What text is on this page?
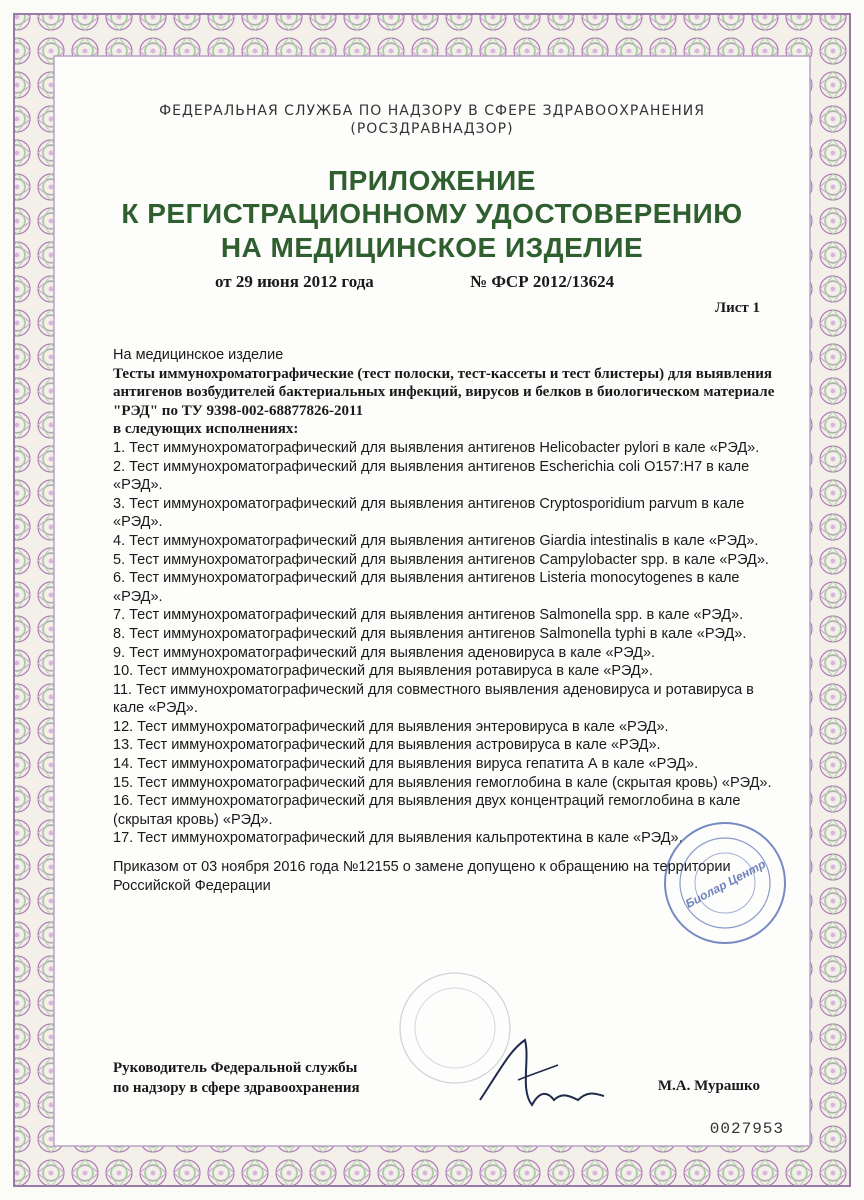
ФЕДЕРАЛЬНАЯ СЛУЖБА ПО НАДЗОРУ В СФЕРЕ ЗДРАВООХРАНЕНИЯ
(РОСЗДРАВНАДЗОР)
ПРИЛОЖЕНИЕ
К РЕГИСТРАЦИОННОМУ УДОСТОВЕРЕНИЮ
НА МЕДИЦИНСКОЕ ИЗДЕЛИЕ
от 29 июня 2012 года	№ ФСР 2012/13624
Лист 1

На медицинское изделие

Тесты иммунохроматографические (тест полоски, тест-кассеты и тест блистеры) для выявления антигенов возбудителей бактериальных инфекций, вирусов и белков в биологическом материале "РЭД" по ТУ 9398-002-68877826-2011

в следующих исполнениях:

1. Тест иммунохроматографический для выявления антигенов Helicobacter pylori в кале «РЭД».

2. Тест иммунохроматографический для выявления антигенов Escherichia coli O157:H7 в кале «РЭД».

3. Тест иммунохроматографический для выявления антигенов Cryptosporidium parvum в кале «РЭД».

4. Тест иммунохроматографический для выявления антигенов Giardia intestinalis в кале «РЭД».

5. Тест иммунохроматографический для выявления антигенов Campylobacter spp. в кале «РЭД».

6. Тест иммунохроматографический для выявления антигенов Listeria monocytogenes в кале «РЭД».

7. Тест иммунохроматографический для выявления антигенов Salmonella spp. в кале «РЭД».

8. Тест иммунохроматографический для выявления антигенов Salmonella typhi в кале «РЭД».

9. Тест иммунохроматографический для выявления аденовируса в кале «РЭД».

10. Тест иммунохроматографический для выявления ротавируса в кале «РЭД».

11. Тест иммунохроматографический для совместного выявления аденовируса и ротавируса в кале «РЭД».

12. Тест иммунохроматографический для выявления энтеровируса в кале «РЭД».

13. Тест иммунохроматографический для выявления астровируса в кале «РЭД».

14. Тест иммунохроматографический для выявления вируса гепатита А в кале «РЭД».

15. Тест иммунохроматографический для выявления гемоглобина в кале (скрытая кровь) «РЭД».

16. Тест иммунохроматографический для выявления двух концентраций гемоглобина в кале (скрытая кровь) «РЭД».

17. Тест иммунохроматографический для выявления кальпротектина в кале «РЭД».

Приказом от 03 ноября 2016 года №12155 о замене допущено к обращению на территории Российской Федерации	Биолар Центр
Руководитель Федеральной службы
по надзору в сфере здравоохранения	М.А. Мурашко
0027953
